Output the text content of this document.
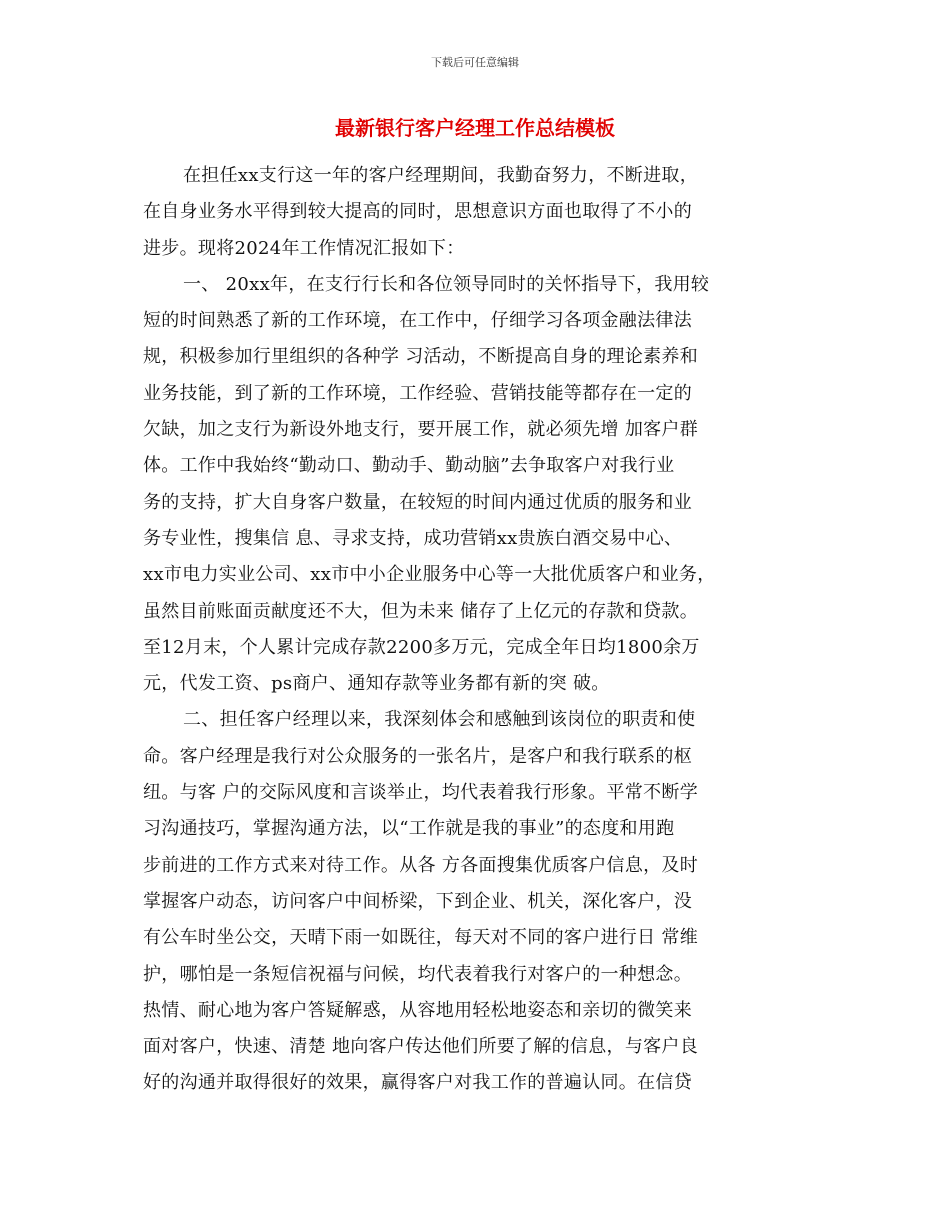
下载后可任意编辑
最新银行客户经理工作总结模板

在担任xx支行这一年的客户经理期间，我勤奋努力，不断进取，

在自身业务水平得到较大提高的同时，思想意识方面也取得了不小的

进步。现将2024年工作情况汇报如下：

一、 20xx年，在支行行长和各位领导同时的关怀指导下，我用较

短的时间熟悉了新的工作环境，在工作中，仔细学习各项金融法律法

规，积极参加行里组织的各种学 习活动，不断提高自身的理论素养和

业务技能，到了新的工作环境，工作经验、营销技能等都存在一定的

欠缺，加之支行为新设外地支行，要开展工作，就必须先增 加客户群

体。工作中我始终“勤动口、勤动手、勤动脑”去争取客户对我行业

务的支持，扩大自身客户数量，在较短的时间内通过优质的服务和业

务专业性，搜集信 息、寻求支持，成功营销xx贵族白酒交易中心、

xx市电力实业公司、xx市中小企业服务中心等一大批优质客户和业务，

虽然目前账面贡献度还不大，但为未来 储存了上亿元的存款和贷款。

至12月末，个人累计完成存款2200多万元，完成全年日均1800余万

元，代发工资、ps商户、通知存款等业务都有新的突 破。

二、担任客户经理以来，我深刻体会和感触到该岗位的职责和使

命。客户经理是我行对公众服务的一张名片，是客户和我行联系的枢

纽。与客 户的交际风度和言谈举止，均代表着我行形象。平常不断学

习沟通技巧，掌握沟通方法，以“工作就是我的事业”的态度和用跑

步前进的工作方式来对待工作。从各 方各面搜集优质客户信息，及时

掌握客户动态，访问客户中间桥梁，下到企业、机关，深化客户，没

有公车时坐公交，天晴下雨一如既往，每天对不同的客户进行日 常维

护，哪怕是一条短信祝福与问候，均代表着我行对客户的一种想念。

热情、耐心地为客户答疑解惑，从容地用轻松地姿态和亲切的微笑来

面对客户，快速、清楚 地向客户传达他们所要了解的信息，与客户良

好的沟通并取得很好的效果，赢得客户对我工作的普遍认同。在信贷
